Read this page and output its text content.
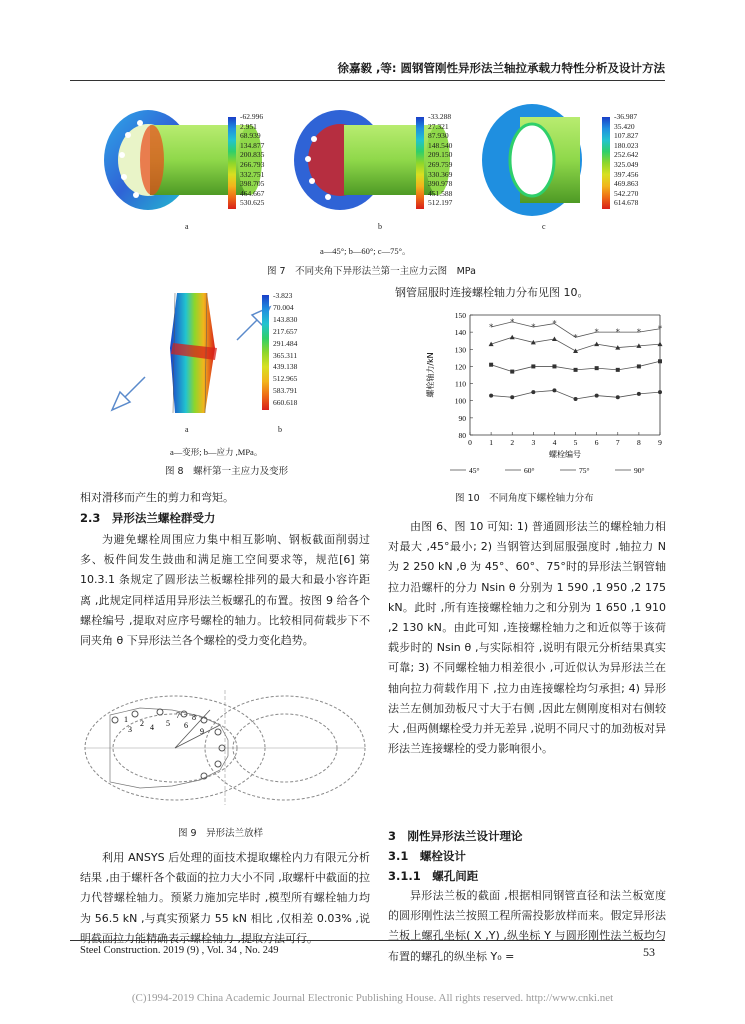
徐嘉毅 ,等: 圆钢管刚性异形法兰轴拉承载力特性分析及设计方法
-62.996
2.951
68.939
134.877
200.835
266.793
332.751
398.705
464.667
530.625
-33.288
27.321
87.930
148.540
209.150
269.759
330.369
390.978
451.588
512.197
-36.987
35.420
107.827
180.023
252.642
325.049
397.456
469.863
542.270
614.678
a	b	c
a—45°; b—60°; c—75°。
图 7　不同夹角下异形法兰第一主应力云图　MPa
-3.823
70.004
143.830
217.657
291.484
365.311
439.138
512.965
583.791
660.618
a	b
a—变形; b—应力 ,MPa。
图 8　螺杆第一主应力及变形
相对滑移而产生的剪力和弯矩。
2.3　异形法兰螺栓群受力
为避免螺栓周围应力集中相互影响、钢板截面削弱过多、板件间发生鼓曲和满足施工空间要求等，规范[6] 第 10.3.1 条规定了圆形法兰板螺栓排列的最大和最小容许距离 ,此规定同样适用异形法兰板螺孔的布置。按图 9 给各个螺栓编号 ,提取对应序号螺栓的轴力。比较相同荷载步下不同夹角 θ 下异形法兰各个螺栓的受力变化趋势。
1 2
3 4 5 6
7 8
9
图 9　异形法兰放样
利用 ANSYS 后处理的面技术提取螺栓内力有限元分析结果 ,由于螺杆各个截面的拉力大小不同 ,取螺杆中截面的拉力代替螺栓轴力。预紧力施加完毕时 ,模型所有螺栓轴力均为 56.5 kN ,与真实预紧力 55 kN 相比 ,仅相差 0.03% ,说明截面拉力能精确表示螺栓轴力 ,提取方法可行。
钢管屈服时连接螺栓轴力分布见图 10。
80
90
100
110
120
130
140
150
0 1 2 3 4 5 6 7 8 9
螺栓编号
螺栓轴力/kN
*
*
* *
*
* * * *
45°	60°	75°	90°
图 10　不同角度下螺栓轴力分布
由图 6、图 10 可知: 1) 普通圆形法兰的螺栓轴力相对最大 ,45°最小; 2) 当钢管达到屈服强度时 ,轴拉力 N 为 2 250 kN ,θ 为 45°、60°、75°时的异形法兰钢管轴拉力沿螺杆的分力 Nsin θ 分别为 1 590 ,1 950 ,2 175 kN。此时 ,所有连接螺栓轴力之和分别为 1 650 ,1 910 ,2 130 kN。由此可知 ,连接螺栓轴力之和近似等于该荷载步时的 Nsin θ ,与实际相符 ,说明有限元分析结果真实可靠; 3) 不同螺栓轴力相差很小 ,可近似认为异形法兰在轴向拉力荷载作用下 ,拉力由连接螺栓均匀承担; 4) 异形法兰左侧加劲板尺寸大于右侧 ,因此左侧刚度相对右侧较大 ,但两侧螺栓受力并无差异 ,说明不同尺寸的加劲板对异形法兰连接螺栓的受力影响很小。
3　刚性异形法兰设计理论
3.1　螺栓设计
3.1.1　螺孔间距
异形法兰板的截面 ,根据相同钢管直径和法兰板宽度的圆形刚性法兰按照工程所需投影放样而来。假定异形法兰板上螺孔坐标( X ,Y) ,纵坐标 Y 与圆形刚性法兰板均匀布置的螺孔的纵坐标 Y₀ =
Steel Construction. 2019 (9) , Vol. 34 , No. 249	53
(C)1994-2019 China Academic Journal Electronic Publishing House. All rights reserved. http://www.cnki.net
